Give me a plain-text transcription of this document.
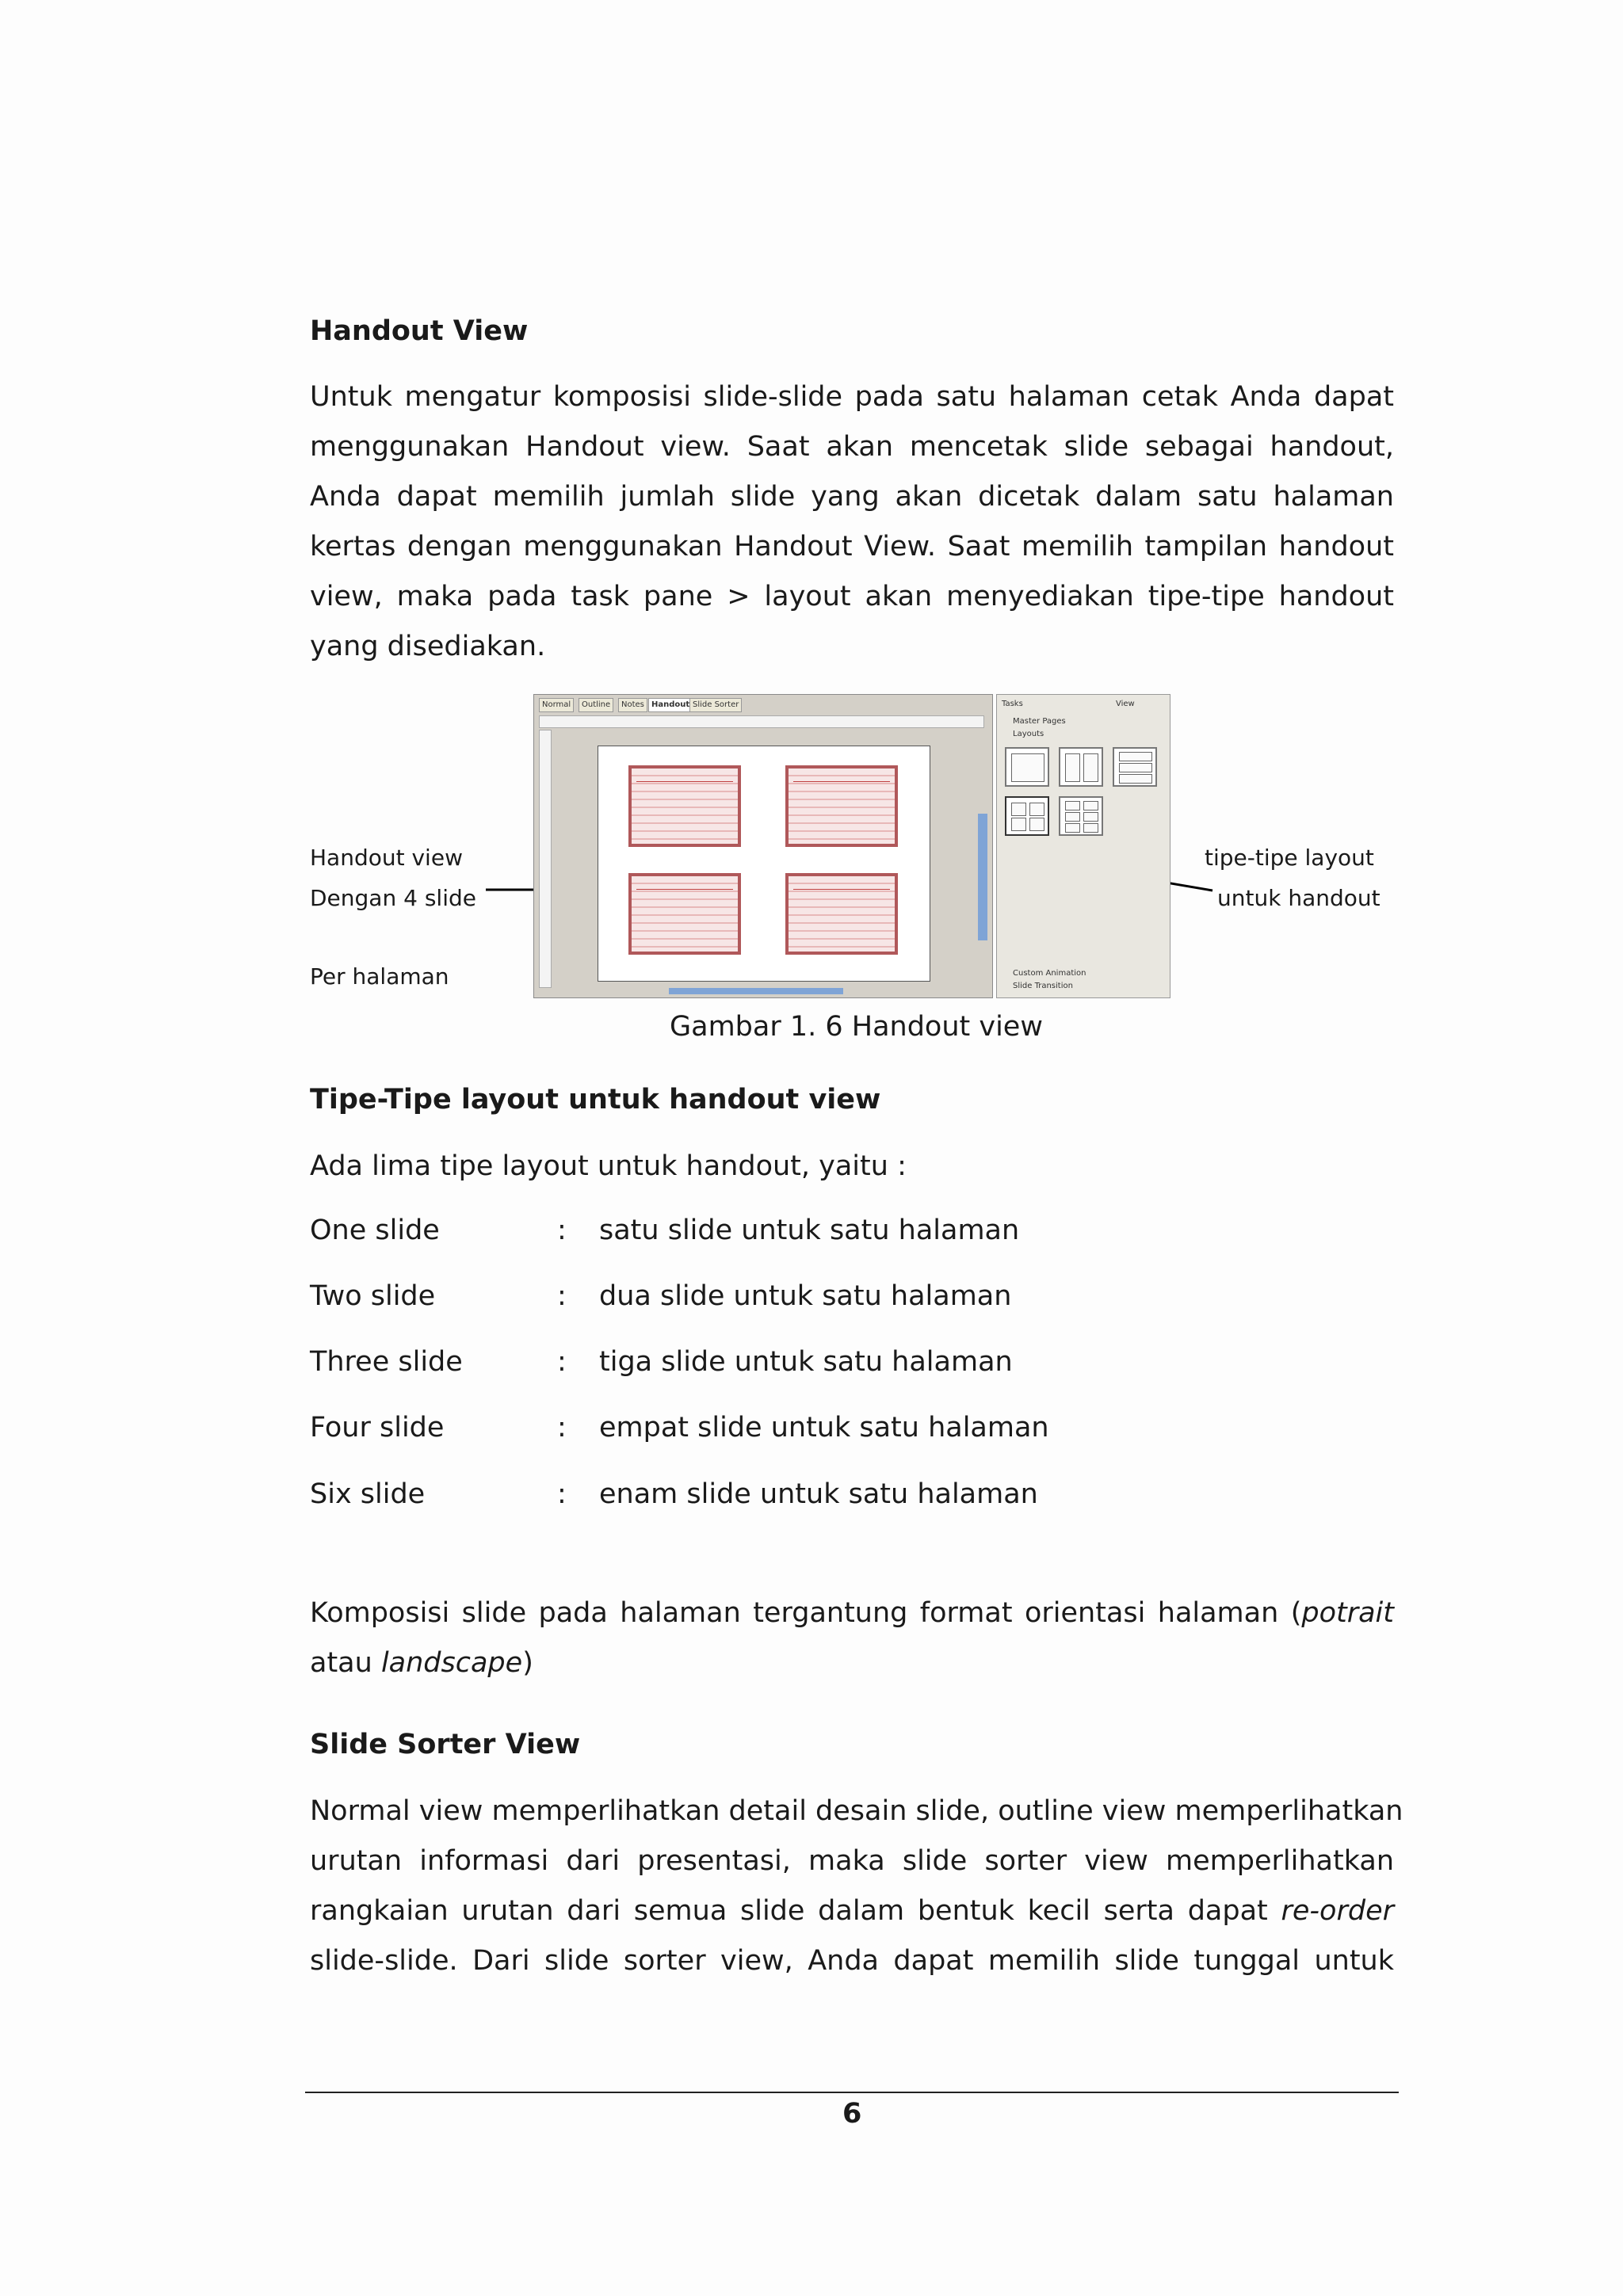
Handout View
Untuk mengatur komposisi slide-slide pada satu halaman cetak Anda dapat
menggunakan Handout view. Saat akan mencetak slide sebagai handout,
Anda dapat memilih jumlah slide yang akan dicetak dalam satu halaman
kertas dengan menggunakan Handout View. Saat memilih tampilan handout
view, maka pada task pane > layout akan menyediakan tipe-tipe handout
yang disediakan.
Handout view
Dengan 4 slide
Per halaman
tipe-tipe layout
untuk handout
Normal	Outline	Notes Handout Slide Sorter	Tasks	View
Master Pages
Layouts
Custom Animation
Slide Transition
Gambar 1. 6 Handout view
Tipe-Tipe layout untuk handout view
Ada lima tipe layout untuk handout, yaitu :
One slide	: satu slide untuk satu halaman
Two slide	: dua slide untuk satu halaman
Three slide	: tiga slide untuk satu halaman
Four slide	: empat slide untuk satu halaman
Six slide	: enam slide untuk satu halaman
Komposisi slide pada halaman tergantung format orientasi halaman (potrait
atau landscape)
Slide Sorter View
Normal view memperlihatkan detail desain slide, outline view memperlihatkan
urutan informasi dari presentasi, maka slide sorter view memperlihatkan
rangkaian urutan dari semua slide dalam bentuk kecil serta dapat re-order
slide-slide. Dari slide sorter view, Anda dapat memilih slide tunggal untuk
6
